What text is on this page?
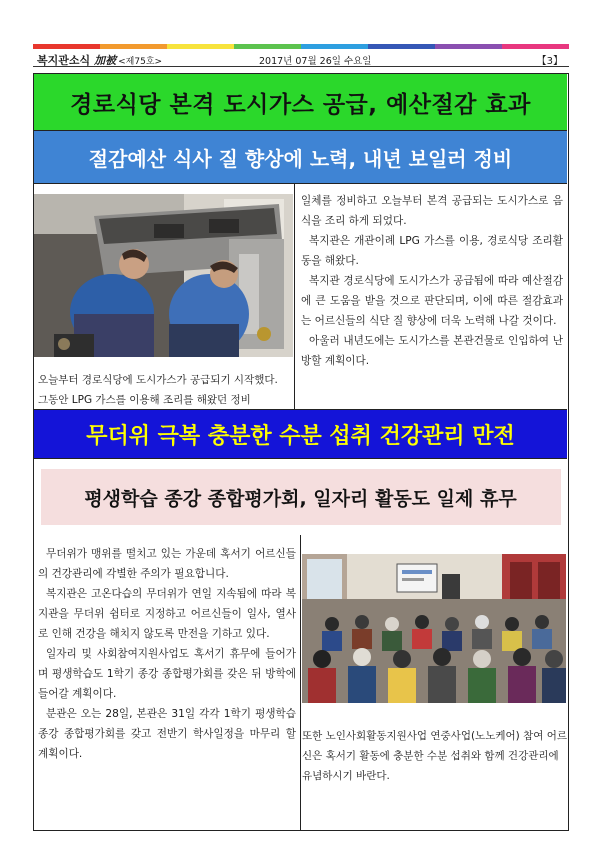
복지관소식 加被 <제75호>	2017년 07월 26일 수요일	【3】
경로식당 본격 도시가스 공급, 예산절감 효과
절감예산 식사 질 향상에 노력, 내년 보일러 정비
오늘부터 경로식당에 도시가스가 공급되기 시작했다.
그동안 LPG 가스를 이용해 조리를 해왔던 정비

일체를 정비하고 오늘부터 본격 공급되는 도시가스로 음식을 조리 하게 되었다.

복지관은 개관이례 LPG 가스를 이용, 경로식당 조리활동을 해왔다.

복지관 경로식당에 도시가스가 공급됨에 따라 예산절감에 큰 도움을 받을 것으로 판단되며, 이에 따른 절감효과는 어르신들의 식단 질 향상에 더욱 노력해 나갈 것이다.

아울러 내년도에는 도시가스를 본관건물로 인입하여 난방할 계획이다.

무더위 극복 충분한 수분 섭취 건강관리 만전
평생학습 종강 종합평가회, 일자리 활동도 일제 휴무

무더위가 맹위를 떨치고 있는 가운데 혹서기 어르신들의 건강관리에 각별한 주의가 필요합니다.

복지관은 고온다습의 무더위가 연일 지속됨에 따라 복지관을 무더위 쉼터로 지정하고 어르신들이 일사, 열사로 인해 건강을 해치지 않도록 만전을 기하고 있다.

일자리 및 사회참여지원사업도 혹서기 휴무에 들어가며 평생학습도 1학기 종강 종합평가회를 갖은 뒤 방학에 들어갈 계획이다.

분관은 오는 28일, 본관은 31일 각각 1학기 평생학습 종강 종합평가회를 갖고 전반기 학사일정을 마무리 할 계획이다.

또한 노인사회활동지원사업 연중사업(노노케어) 참여 어르신은 혹서기 활동에 충분한 수분 섭취와 함께 건강관리에 유념하시기 바란다.
